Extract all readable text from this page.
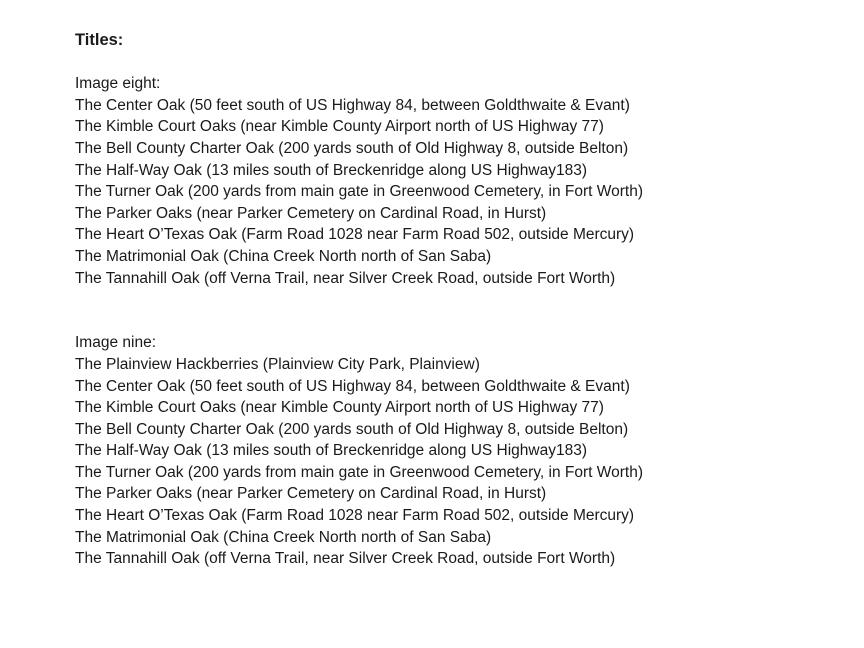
Titles:

Image eight:

The Center Oak (50 feet south of US Highway 84, between Goldthwaite & Evant)
The Kimble Court Oaks (near Kimble County Airport north of US Highway 77)
The Bell County Charter Oak (200 yards south of Old Highway 8, outside Belton)
The Half-Way Oak (13 miles south of Breckenridge along US Highway183)
The Turner Oak (200 yards from main gate in Greenwood Cemetery, in Fort Worth)
The Parker Oaks (near Parker Cemetery on Cardinal Road, in Hurst)
The Heart O’Texas Oak (Farm Road 1028 near Farm Road 502, outside Mercury)
The Matrimonial Oak (China Creek North north of San Saba)
The Tannahill Oak (off Verna Trail, near Silver Creek Road, outside Fort Worth)

Image nine:

The Plainview Hackberries (Plainview City Park, Plainview)
The Center Oak (50 feet south of US Highway 84, between Goldthwaite & Evant)
The Kimble Court Oaks (near Kimble County Airport north of US Highway 77)
The Bell County Charter Oak (200 yards south of Old Highway 8, outside Belton)
The Half-Way Oak (13 miles south of Breckenridge along US Highway183)
The Turner Oak (200 yards from main gate in Greenwood Cemetery, in Fort Worth)
The Parker Oaks (near Parker Cemetery on Cardinal Road, in Hurst)
The Heart O’Texas Oak (Farm Road 1028 near Farm Road 502, outside Mercury)
The Matrimonial Oak (China Creek North north of San Saba)
The Tannahill Oak (off Verna Trail, near Silver Creek Road, outside Fort Worth)
